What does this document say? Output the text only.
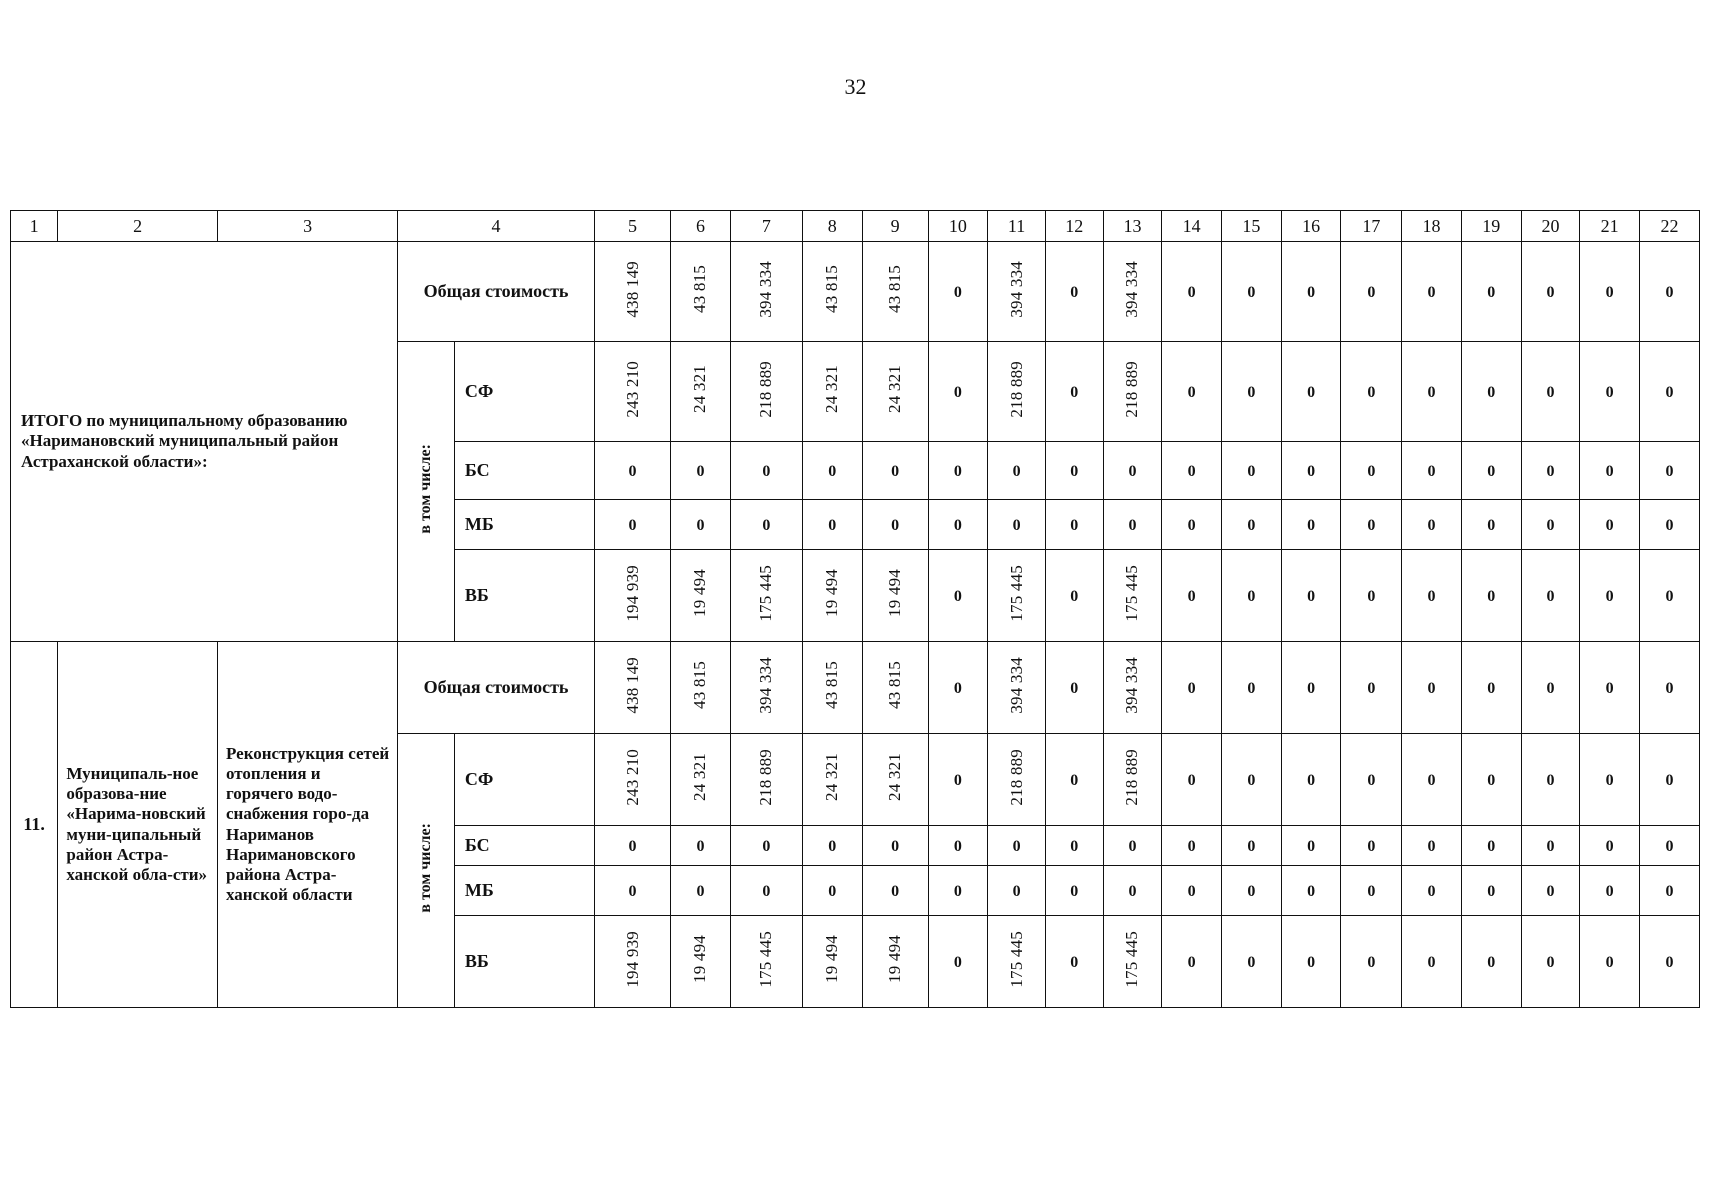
32
1	2	3	4		5	6	7	8	9	10	11	12	13	14	15	16	17	18	19	20	21	22
ИТОГО по муниципальному образованию «Наримановский муниципальный район Астраханской области»:			Общая стоимость		438 149	43 815	394 334	43 815	43 815	0	394 334	0	394 334	0	0	0	0	0	0	0	0	0
			в том числе:	СФ	243 210	24 321	218 889	24 321	24 321	0	218 889	0	218 889	0	0	0	0	0	0	0	0	0
				БС	0	0	0	0	0	0	0	0	0	0	0	0	0	0	0	0	0	0
				МБ	0	0	0	0	0	0	0	0	0	0	0	0	0	0	0	0	0	0
				ВБ	194 939	19 494	175 445	19 494	19 494	0	175 445	0	175 445	0	0	0	0	0	0	0	0	0
11.	Муниципаль-ное образова-ние «Нарима-новский муни-ципальный район Астра-ханской обла-сти»	Реконструкция сетей отопления и горячего водо-снабжения горо-да Нариманов Наримановского района Астра-ханской области	Общая стоимость		438 149	43 815	394 334	43 815	43 815	0	394 334	0	394 334	0	0	0	0	0	0	0	0	0
			в том числе:	СФ	243 210	24 321	218 889	24 321	24 321	0	218 889	0	218 889	0	0	0	0	0	0	0	0	0
				БС	0	0	0	0	0	0	0	0	0	0	0	0	0	0	0	0	0	0
				МБ	0	0	0	0	0	0	0	0	0	0	0	0	0	0	0	0	0	0
				ВБ	194 939	19 494	175 445	19 494	19 494	0	175 445	0	175 445	0	0	0	0	0	0	0	0	0
